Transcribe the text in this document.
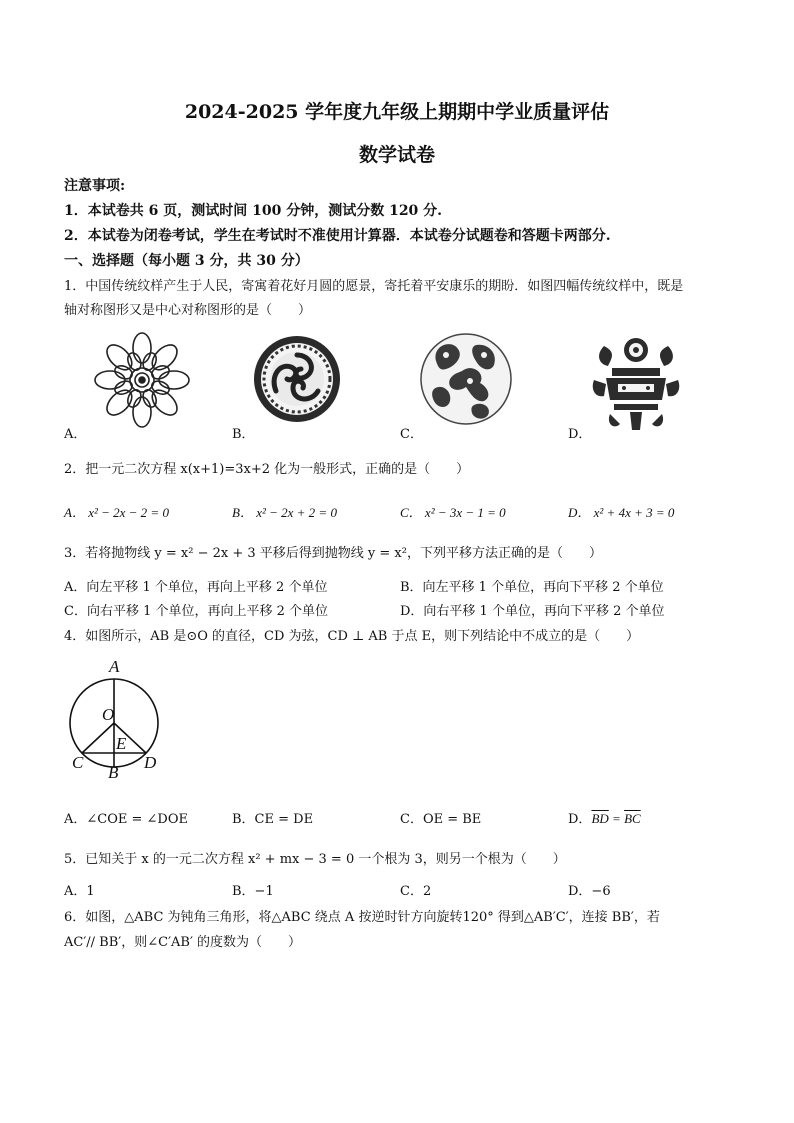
2024-2025 学年度九年级上期期中学业质量评估
数学试卷
注意事项:
1．本试卷共 6 页，测试时间 100 分钟，测试分数 120 分.
2．本试卷为闭卷考试，学生在考试时不准使用计算器．本试卷分试题卷和答题卡两部分.
一、选择题（每小题 3 分，共 30 分）
1．中国传统纹样产生于人民，寄寓着花好月圆的愿景，寄托着平安康乐的期盼．如图四幅传统纹样中，既是
轴对称图形又是中心对称图形的是（　　）
A．	B．	C．	D．
2．把一元二次方程 x(x+1)=3x+2 化为一般形式，正确的是（　　）
A． x² − 2x − 2 = 0	B． x² − 2x + 2 = 0	C． x² − 3x − 1 = 0	D． x² + 4x + 3 = 0
3．若将抛物线 y = x² − 2x + 3 平移后得到抛物线 y = x²，下列平移方法正确的是（　　）
A．向左平移 1 个单位，再向上平移 2 个单位	B．向左平移 1 个单位，再向下平移 2 个单位
C．向右平移 1 个单位，再向上平移 2 个单位	D．向右平移 1 个单位，再向下平移 2 个单位
4．如图所示，AB 是⊙O 的直径，CD 为弦，CD ⊥ AB 于点 E，则下列结论中不成立的是（　　）
A
O
E
C
B
D
A．∠COE = ∠DOE	B．CE = DE	C．OE = BE	D．$\overline{BD} = \overline{BC}$
5．已知关于 x 的一元二次方程 x² + mx − 3 = 0 一个根为 3，则另一个根为（　　）
A．1	B．−1	C．2	D．−6
6．如图，△ABC 为钝角三角形，将△ABC 绕点 A 按逆时针方向旋转120° 得到△AB′C′，连接 BB′，若
AC′// BB′，则∠C′AB′ 的度数为（　　）
